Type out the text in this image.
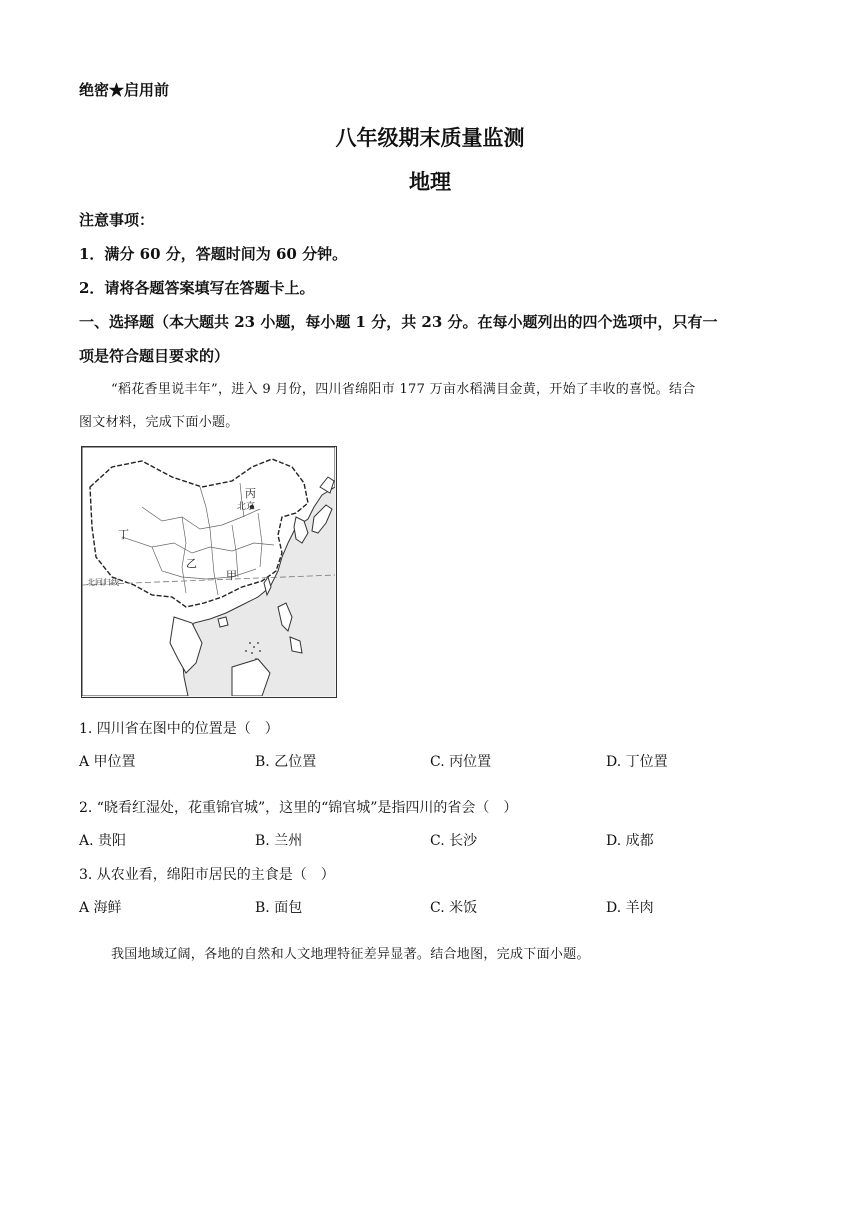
绝密★启用前
八年级期末质量监测
地理
注意事项：
1．满分 60 分，答题时间为 60 分钟。
2．请将各题答案填写在答题卡上。
一、选择题（本大题共 23 小题，每小题 1 分，共 23 分。在每小题列出的四个选项中，只有一
项是符合题目要求的）
“稻花香里说丰年”，进入 9 月份，四川省绵阳市 177 万亩水稻满目金黄，开始了丰收的喜悦。结合
图文材料，完成下面小题。
丙
北京
丁
乙
甲
北回归线
1. 四川省在图中的位置是（　）
A 甲位置	B. 乙位置	C. 丙位置	D. 丁位置
2. “晓看红湿处，花重锦官城”，这里的“锦官城”是指四川的省会（　）
A. 贵阳	B. 兰州	C. 长沙	D. 成都
3. 从农业看，绵阳市居民的主食是（　）
A 海鲜	B. 面包	C. 米饭	D. 羊肉
我国地域辽阔，各地的自然和人文地理特征差异显著。结合地图，完成下面小题。
